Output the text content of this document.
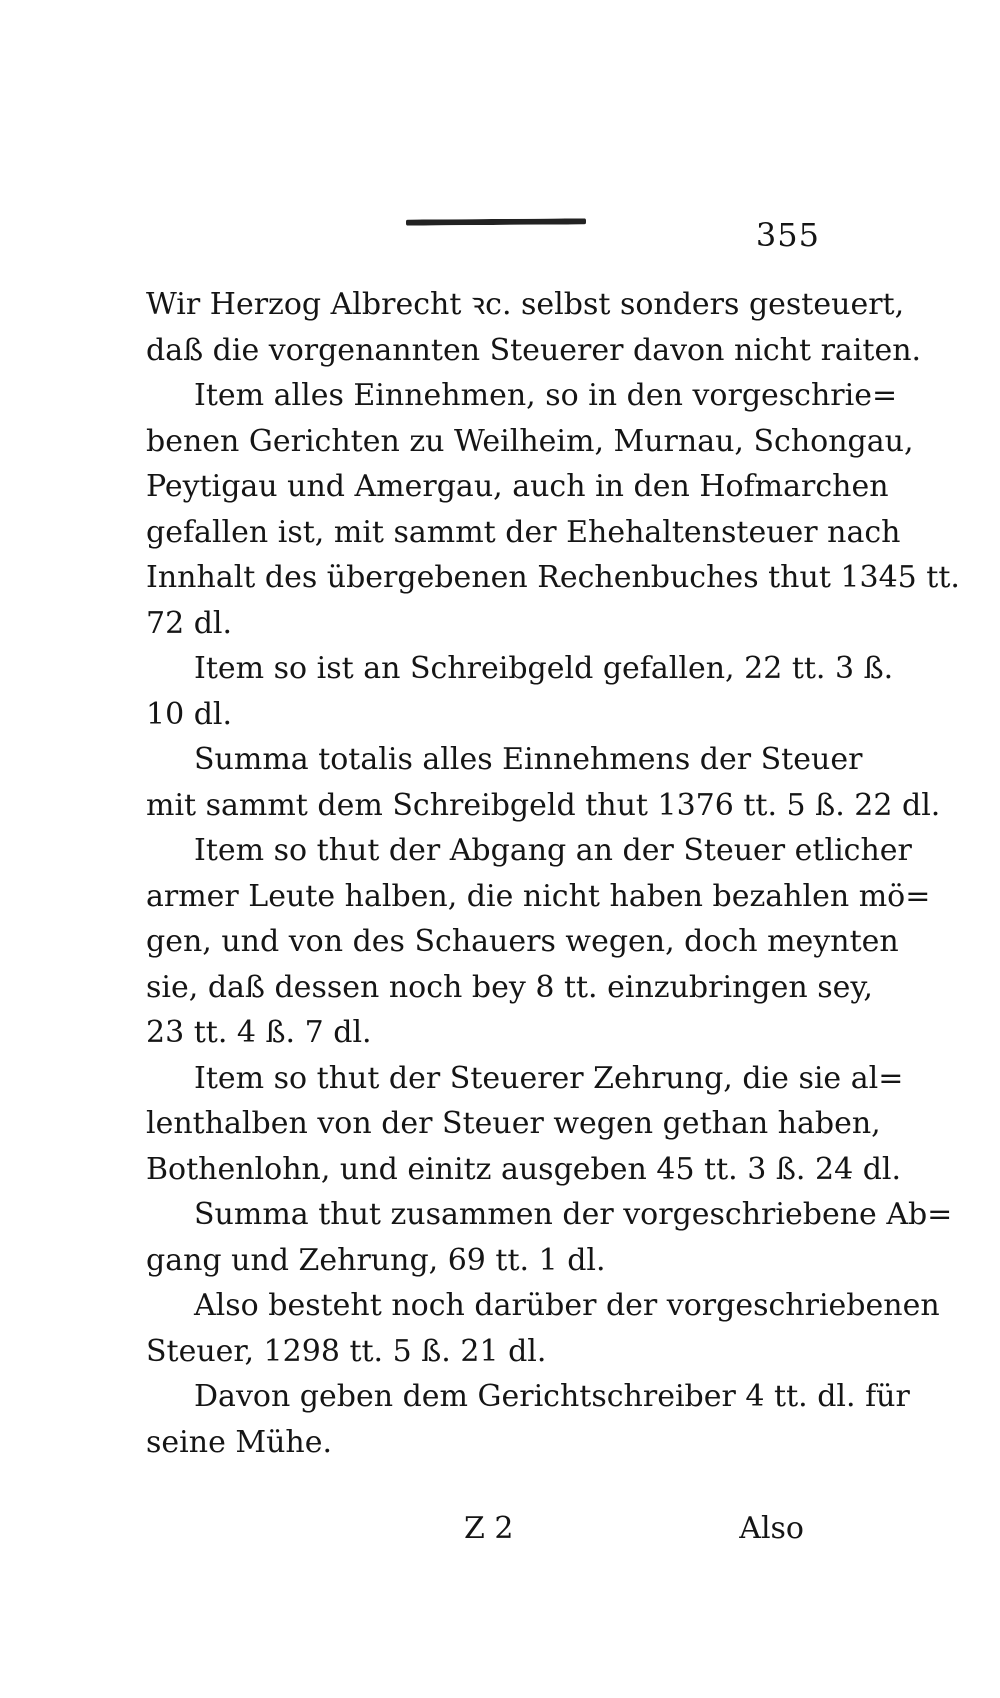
355
Wir Herzog Albrecht ꝛc. selbst sonders gesteuert,
daß die vorgenannten Steuerer davon nicht raiten.
Item alles Einnehmen, so in den vorgeschrie=
benen Gerichten zu Weilheim, Murnau, Schongau,
Peytigau und Amergau, auch in den Hofmarchen
gefallen ist, mit sammt der Ehehaltensteuer nach
Innhalt des übergebenen Rechenbuches thut 1345 tt.
72 dl.
Item so ist an Schreibgeld gefallen, 22 tt. 3 ß.
10 dl.
Summa totalis alles Einnehmens der Steuer
mit sammt dem Schreibgeld thut 1376 tt. 5 ß. 22 dl.
Item so thut der Abgang an der Steuer etlicher
armer Leute halben, die nicht haben bezahlen mö=
gen, und von des Schauers wegen, doch meynten
sie, daß dessen noch bey 8 tt. einzubringen sey,
23 tt. 4 ß. 7 dl.
Item so thut der Steuerer Zehrung, die sie al=
lenthalben von der Steuer wegen gethan haben,
Bothenlohn, und einitz ausgeben 45 tt. 3 ß. 24 dl.
Summa thut zusammen der vorgeschriebene Ab=
gang und Zehrung, 69 tt. 1 dl.
Also besteht noch darüber der vorgeschriebenen
Steuer, 1298 tt. 5 ß. 21 dl.
Davon geben dem Gerichtschreiber 4 tt. dl. für
seine Mühe.
Z 2	Also
